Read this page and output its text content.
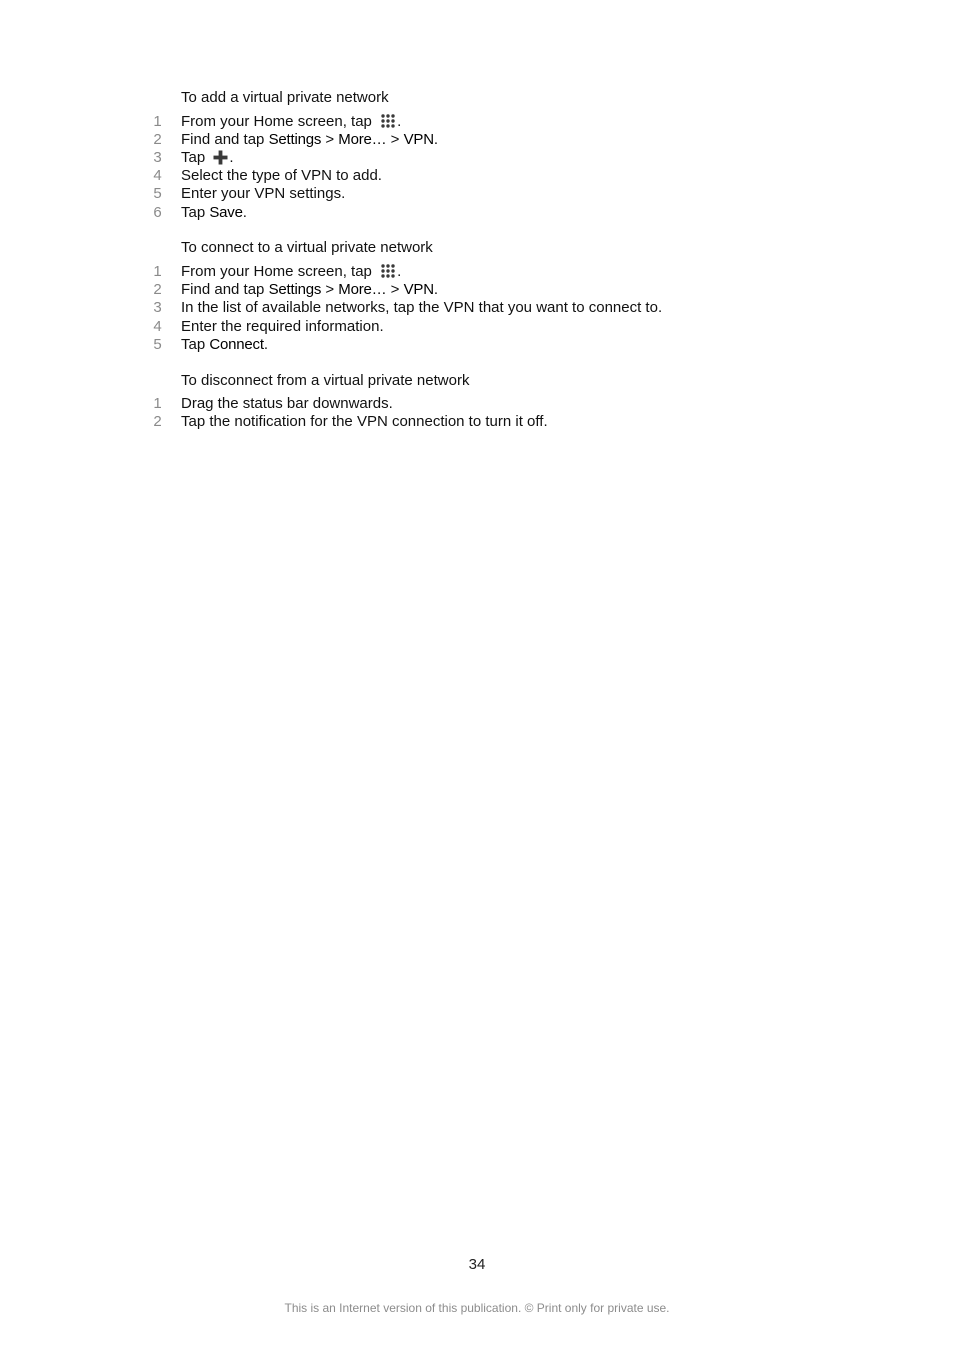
To add a virtual private network
1 From your Home screen, tap .
2 Find and tap Settings > More… > VPN.
3 Tap .
4 Select the type of VPN to add.
5 Enter your VPN settings.
6 Tap Save.
To connect to a virtual private network
1 From your Home screen, tap .
2 Find and tap Settings > More… > VPN.
3 In the list of available networks, tap the VPN that you want to connect to.
4 Enter the required information.
5 Tap Connect.
To disconnect from a virtual private network
1 Drag the status bar downwards.
2 Tap the notification for the VPN connection to turn it off.
34
This is an Internet version of this publication. © Print only for private use.
